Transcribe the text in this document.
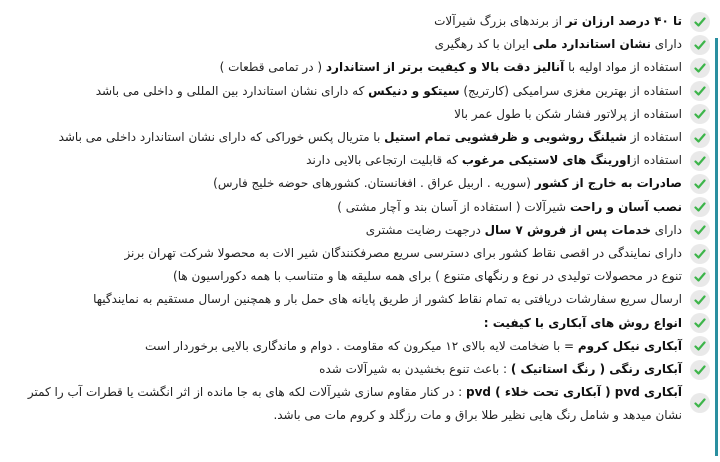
تا ۴۰ درصد ارزان تر از برندهای بزرگ شیرآلات
دارای نشان استاندارد ملی ایران با کد رهگیری
استفاده از مواد اولیه با آنالیز دقت بالا و کیفیت برتر از استاندارد ( در تمامی قطعات )
استفاده از بهترین مغزی سرامیکی (کارتریج) سیتکو و دنیکس که دارای نشان استاندارد بین المللی و داخلی می باشد
استفاده از پرلاتور فشار شکن با طول عمر بالا
استفاده از شیلنگ روشویی و ظرفشویی تمام استیل با متریال پکس خوراکی که دارای نشان استاندارد داخلی می باشد
استفاده ازاورینگ های لاستیکی مرغوب که قابلیت ارتجاعی بالایی دارند
صادرات به خارج از کشور (سوریه . اربیل عراق . افغانستان. کشورهای حوضه خلیج فارس)
نصب آسان و راحت شیرآلات ( استفاده از آسان بند و آچار مشتی )
دارای خدمات پس از فروش ۷ سال درجهت رضایت مشتری
دارای نمایندگی در اقصی نقاط کشور برای دسترسی سریع مصرفکنندگان شیر الات به محصولا شرکت تهران برنز
تنوع در محصولات تولیدی در نوع و رنگهای متنوع ) برای همه سلیقه ها و متناسب با همه دکوراسیون ها)
ارسال سریع سفارشات دریافتی به تمام نقاط کشور از طریق پایانه های حمل بار و همچنین ارسال مستقیم به نمایندگیها
انواع روش های آبکاری با کیفیت :
آبکاری نیکل کروم = با ضخامت لایه بالای ۱۲ میکرون که مقاومت . دوام و ماندگاری بالایی برخوردار است
آبکاری رنگی ( رنگ استاتیک ) : باعث تنوع بخشیدن به شیرآلات شده
آبکاری pvd ( آبکاری تحت خلاء ) pvd : در کنار مقاوم سازی شیرآلات لکه های به جا مانده از اثر انگشت یا قطرات آب را کمتر نشان میدهد و شامل رنگ هایی نظیر طلا براق و مات رزگلد و کروم مات می باشد.
